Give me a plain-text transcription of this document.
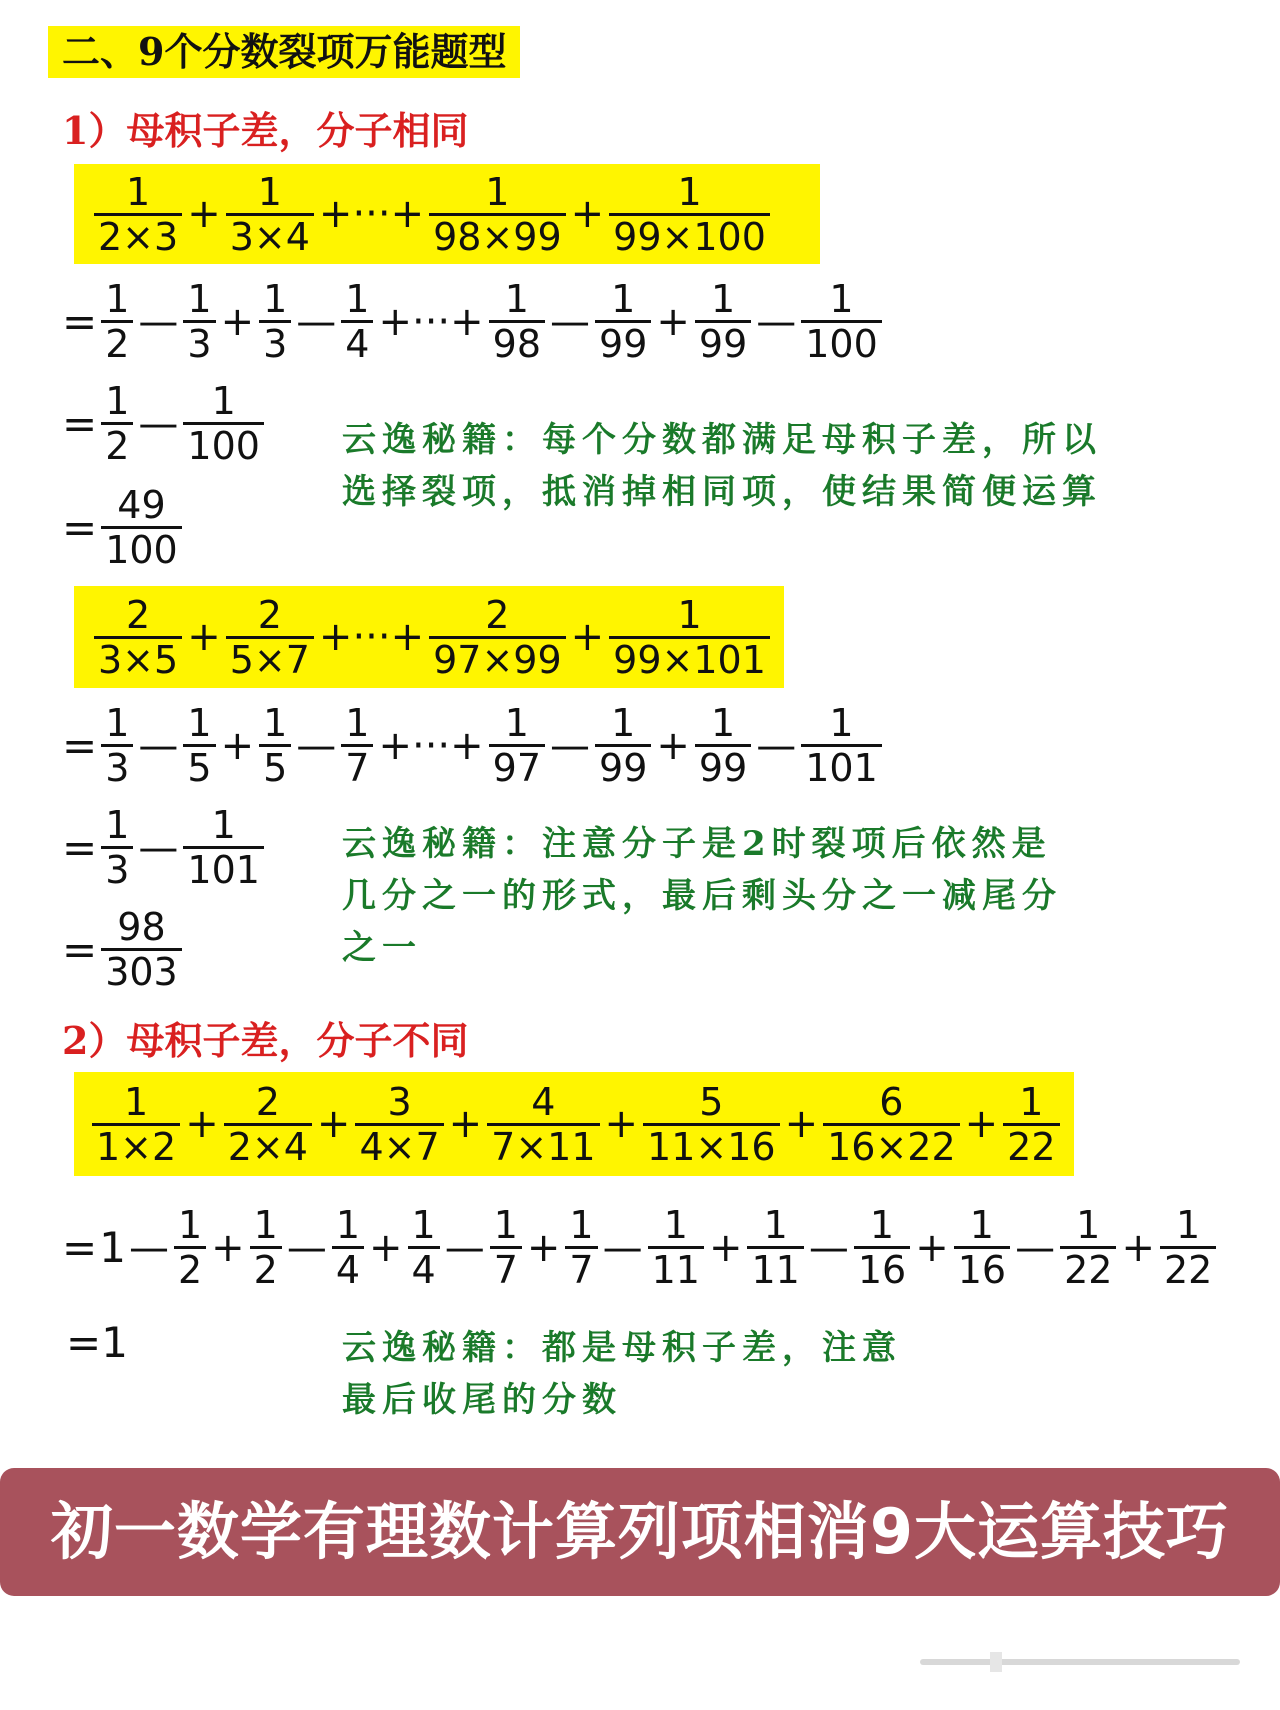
二、9个分数裂项万能题型
1）母积子差，分子相同
$\frac{1}{2\times 3} + \frac{1}{3\times 4}$ +···+ $\frac{1}{98\times 99} + \frac{1}{99\times 100}$
= $\frac{1}{2}$ — $\frac{1}{3} + \frac{1}{3}$ — $\frac{1}{4}$ +···+ $\frac{1}{98}$ — $\frac{1}{99} + \frac{1}{99}$ — $\frac{1}{100}$
= $\frac{1}{2}$ — $\frac{1}{100}$
= $\frac{49}{100}$
云逸秘籍：每个分数都满足母积子差，所以选择裂项，抵消掉相同项，使结果简便运算
$\frac{2}{3\times 5} + \frac{2}{5\times 7}$ +···+ $\frac{2}{97\times 99} + \frac{1}{99\times 101}$
= $\frac{1}{3}$ — $\frac{1}{5} + \frac{1}{5}$ — $\frac{1}{7}$ +···+ $\frac{1}{97}$ — $\frac{1}{99} + \frac{1}{99}$ — $\frac{1}{101}$
= $\frac{1}{3}$ — $\frac{1}{101}$
= $\frac{98}{303}$
云逸秘籍：注意分子是2时裂项后依然是几分之一的形式，最后剩头分之一减尾分之一
2）母积子差，分子不同
$\frac{1}{1\times 2} + \frac{2}{2\times 4} + \frac{3}{4\times 7} + \frac{4}{7\times 11} + \frac{5}{11\times 16} + \frac{6}{16\times 22} + \frac{1}{22}$
= 1 — $\frac{1}{2} + \frac{1}{2}$ — $\frac{1}{4} + \frac{1}{4}$ — $\frac{1}{7} + \frac{1}{7}$ — $\frac{1}{11} + \frac{1}{11}$ — $\frac{1}{16} + \frac{1}{16}$ — $\frac{1}{22} + \frac{1}{22}$
=1	云逸秘籍：都是母积子差，注意最后收尾的分数
初一数学有理数计算列项相消9大运算技巧
